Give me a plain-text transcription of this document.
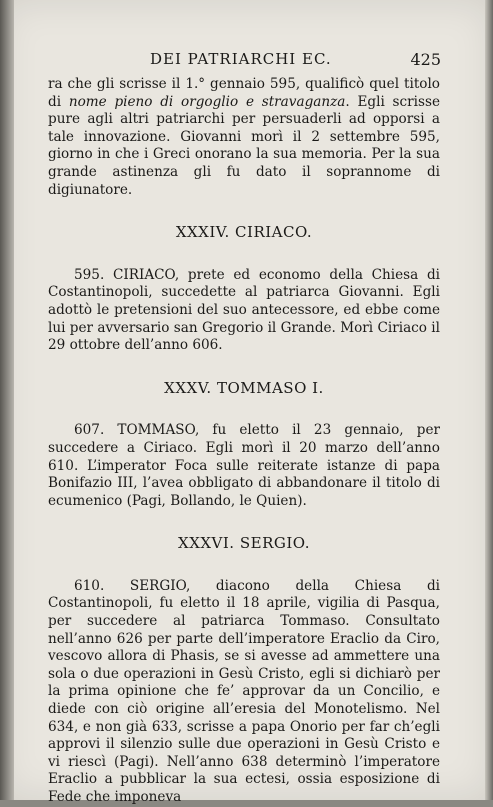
DEI PATRIARCHI EC.	425

ra che gli scrisse il 1.° gennaio 595, qualificò quel titolo di nome pieno di orgoglio e stravaganza. Egli scrisse pure agli altri patriarchi per persuaderli ad opporsi a tale innovazione. Giovanni morì il 2 settembre 595, giorno in che i Greci onorano la sua memoria. Per la sua grande astinenza gli fu dato il soprannome di digiunatore.

XXXIV. CIRIACO.

595. CIRIACO, prete ed economo della Chiesa di Costantinopoli, succedette al patriarca Giovanni. Egli adottò le pretensioni del suo antecessore, ed ebbe come lui per avversario san Gregorio il Grande. Morì Ciriaco il 29 ottobre dell’anno 606.

XXXV. TOMMASO I.

607. TOMMASO, fu eletto il 23 gennaio, per succedere a Ciriaco. Egli morì il 20 marzo dell’anno 610. L’imperator Foca sulle reiterate istanze di papa Bonifazio III, l’avea obbligato di abbandonare il titolo di ecumenico (Pagi, Bollando, le Quien).

XXXVI. SERGIO.

610. SERGIO, diacono della Chiesa di Costantinopoli, fu eletto il 18 aprile, vigilia di Pasqua, per succedere al patriarca Tommaso. Consultato nell’anno 626 per parte dell’imperatore Eraclio da Ciro, vescovo allora di Phasis, se si avesse ad ammettere una sola o due operazioni in Gesù Cristo, egli si dichiarò per la prima opinione che fe’ approvar da un Concilio, e diede con ciò origine all’eresia del Monotelismo. Nel 634, e non già 633, scrisse a papa Onorio per far ch’egli approvi il silenzio sulle due operazioni in Gesù Cristo e vi riescì (Pagi). Nell’anno 638 determinò l’imperatore Eraclio a pubblicar la sua ectesi, ossia esposizione di Fede che imponeva
